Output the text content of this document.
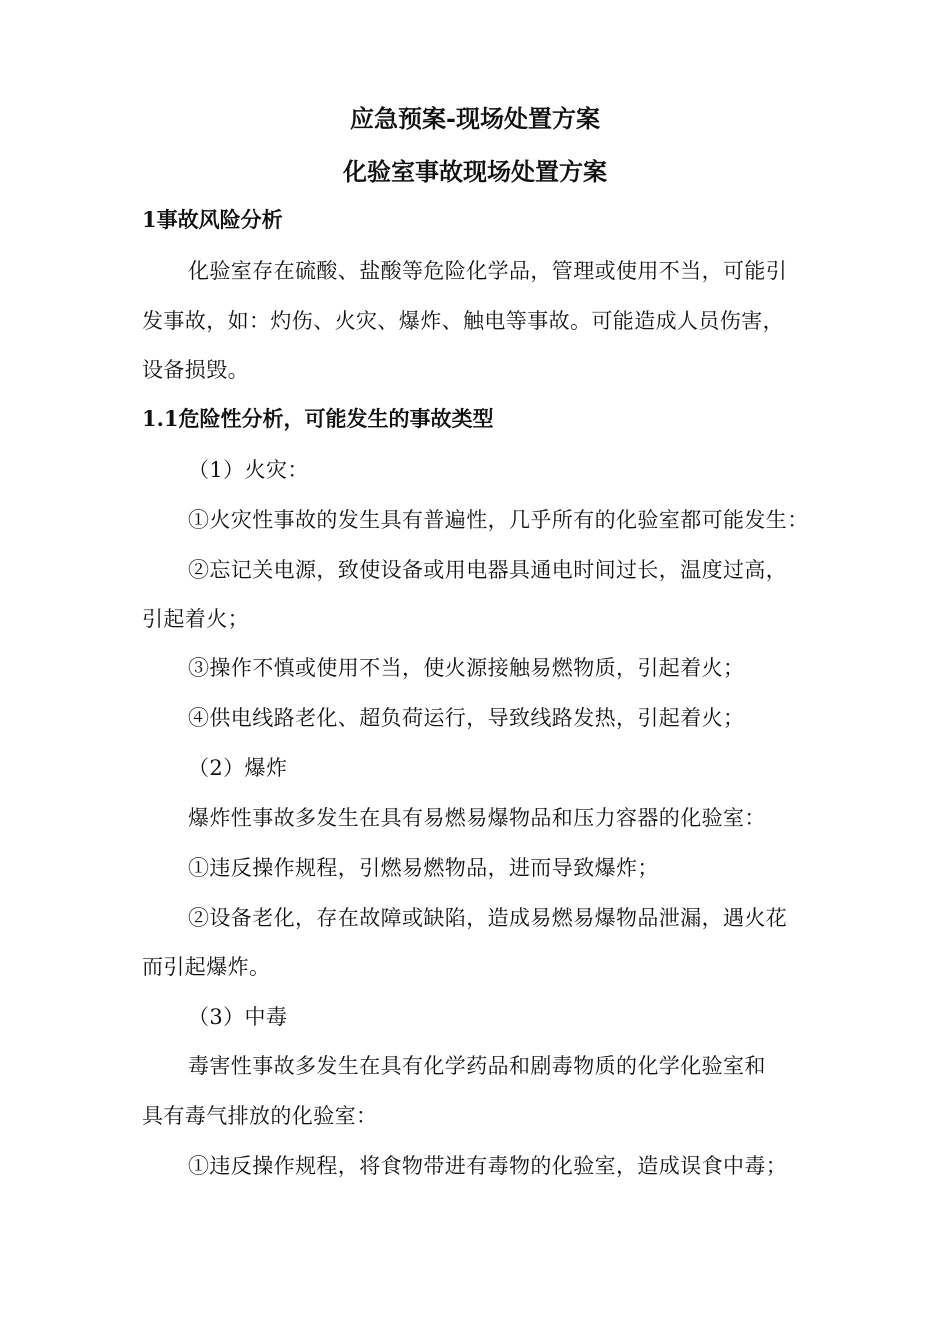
应急预案-现场处置方案
化验室事故现场处置方案
1事故风险分析
化验室存在硫酸、盐酸等危险化学品，管理或使用不当，可能引
发事故，如：灼伤、火灾、爆炸、触电等事故。可能造成人员伤害，
设备损毁。
1.1危险性分析，可能发生的事故类型
（1）火灾：
①火灾性事故的发生具有普遍性，几乎所有的化验室都可能发生：
②忘记关电源，致使设备或用电器具通电时间过长，温度过高，
引起着火；
③操作不慎或使用不当，使火源接触易燃物质，引起着火；
④供电线路老化、超负荷运行，导致线路发热，引起着火；
（2）爆炸
爆炸性事故多发生在具有易燃易爆物品和压力容器的化验室：
①违反操作规程，引燃易燃物品，进而导致爆炸；
②设备老化，存在故障或缺陷，造成易燃易爆物品泄漏，遇火花
而引起爆炸。
（3）中毒
毒害性事故多发生在具有化学药品和剧毒物质的化学化验室和
具有毒气排放的化验室：
①违反操作规程，将食物带进有毒物的化验室，造成误食中毒；
